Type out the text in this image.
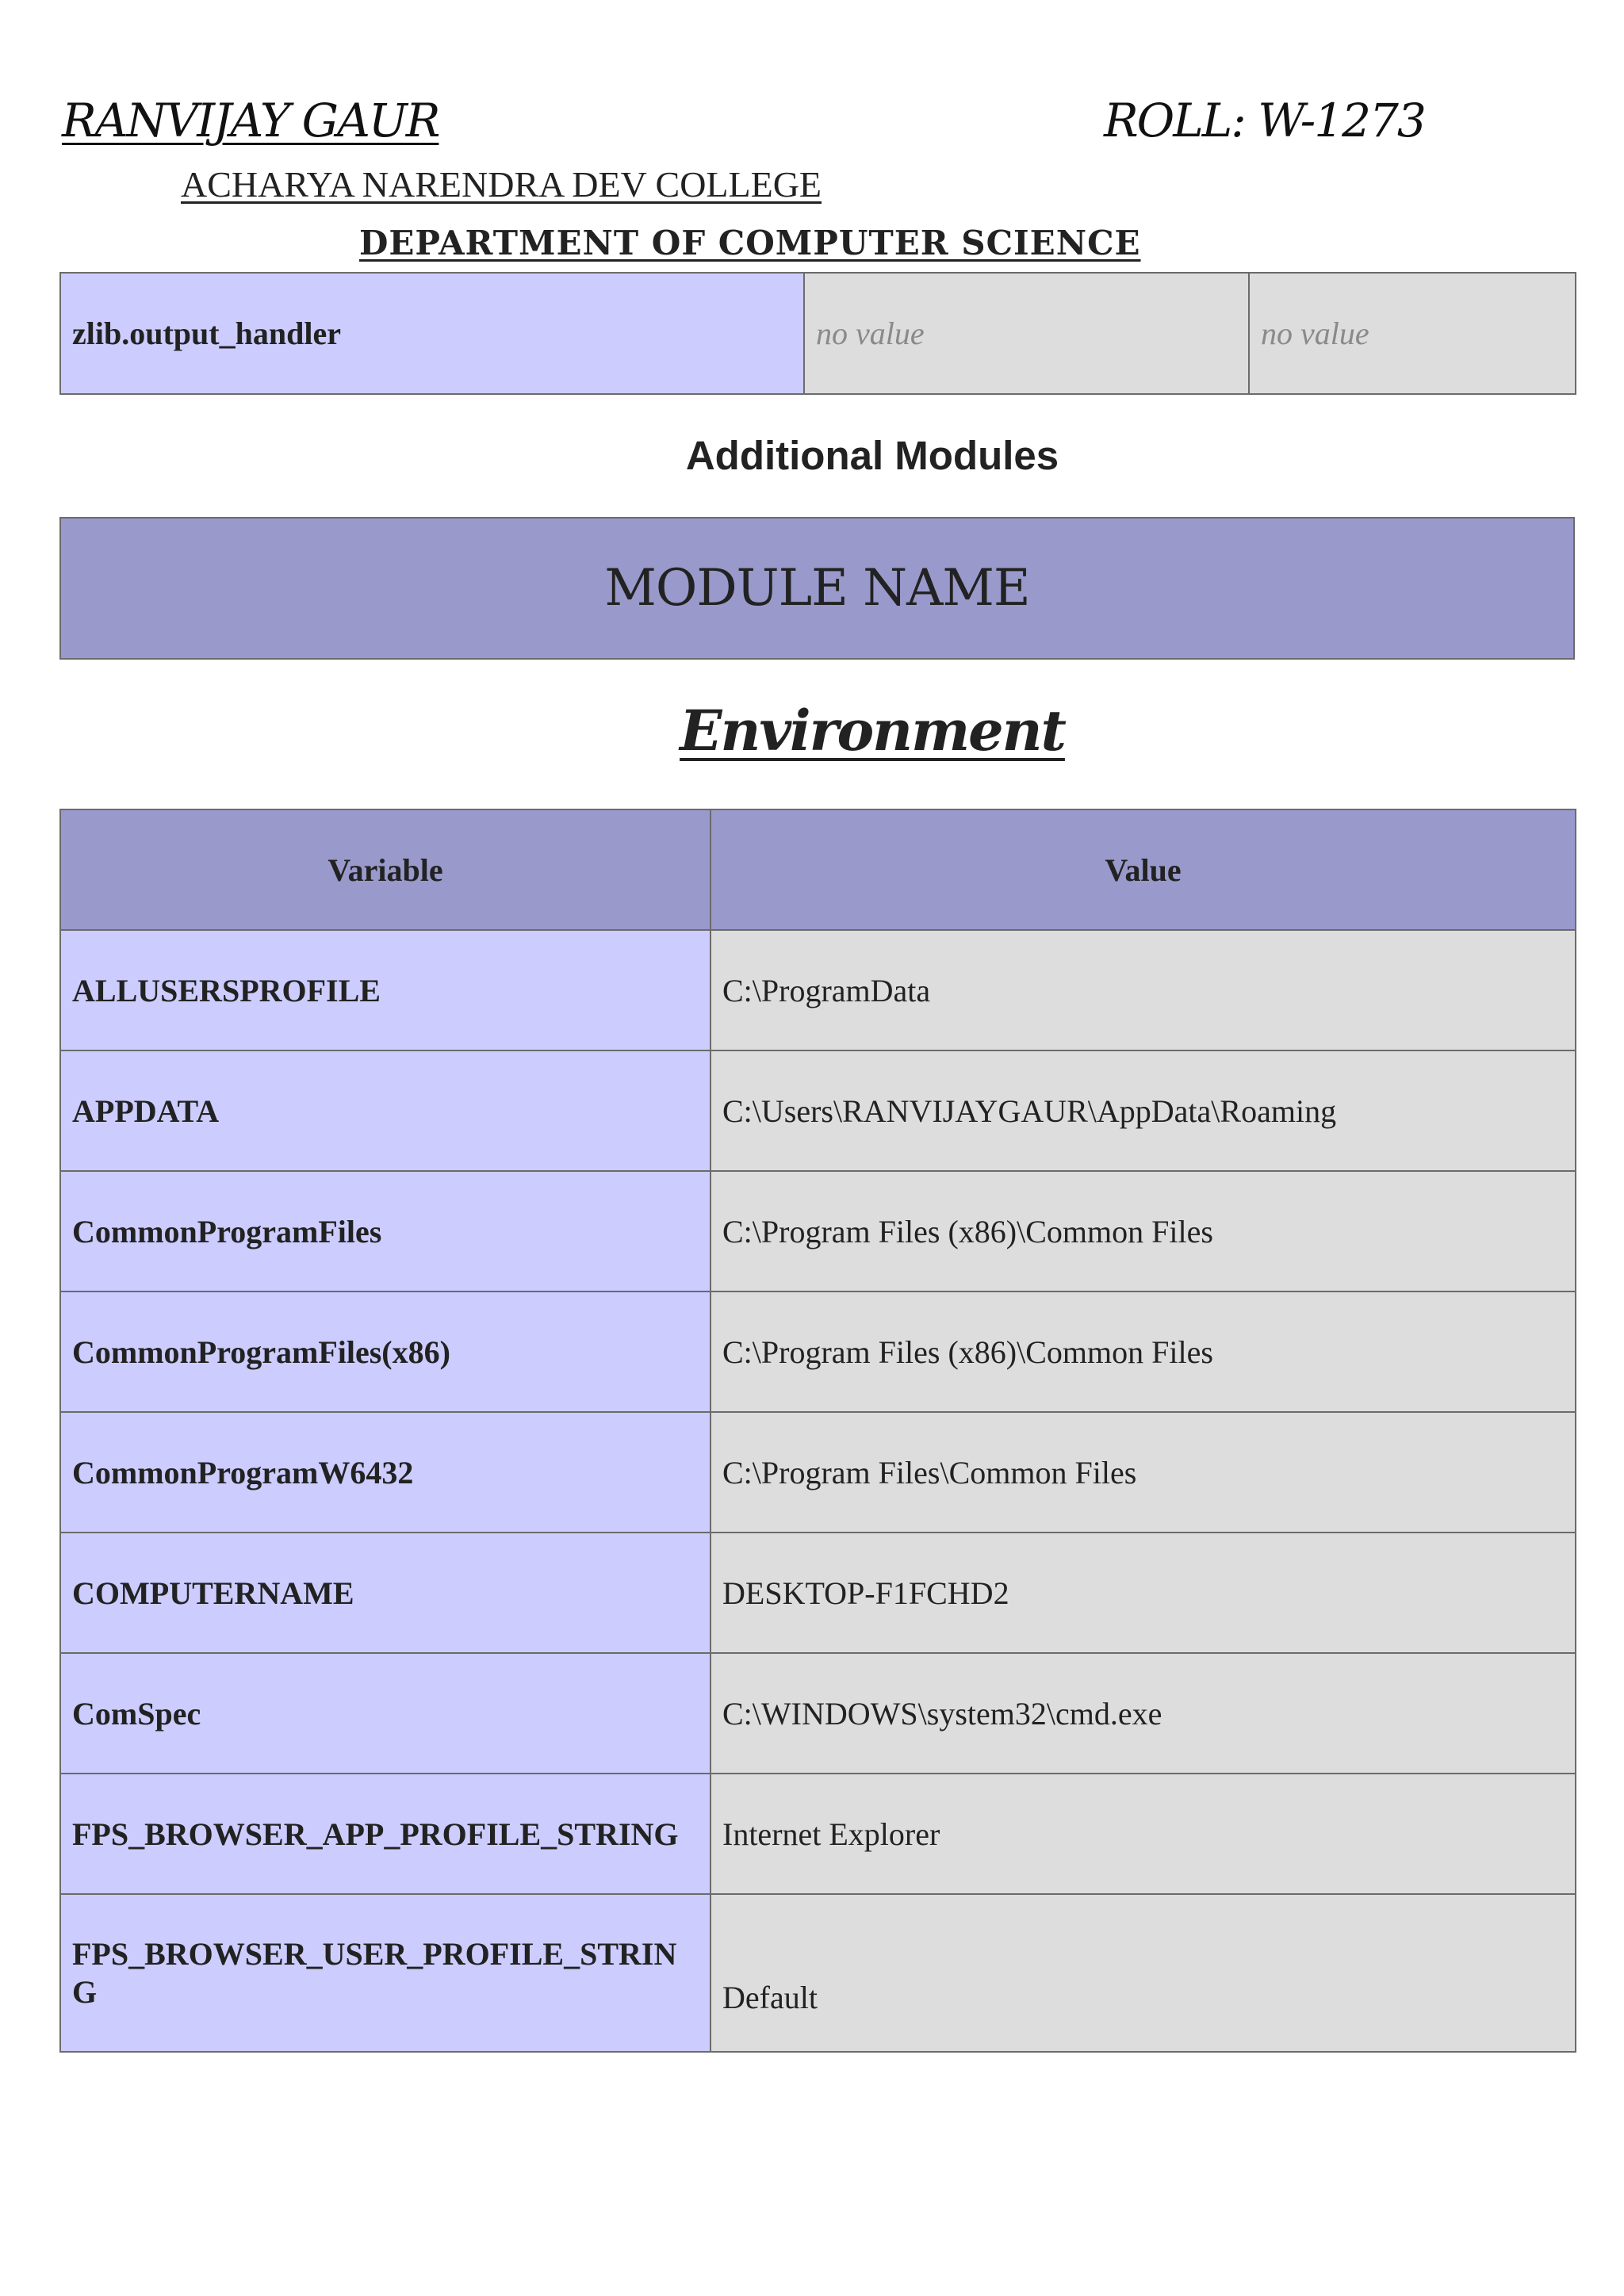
RANVIJAY GAUR	ROLL: W-1273
ACHARYA NARENDRA DEV COLLEGE
DEPARTMENT OF COMPUTER SCIENCE
zlib.output_handler	no value	no value
Additional Modules
MODULE NAME
Environment
Variable	Value
ALLUSERSPROFILE	C:\ProgramData
APPDATA	C:\Users\RANVIJAYGAUR\AppData\Roaming
CommonProgramFiles	C:\Program Files (x86)\Common Files
CommonProgramFiles(x86)	C:\Program Files (x86)\Common Files
CommonProgramW6432	C:\Program Files\Common Files
COMPUTERNAME	DESKTOP-F1FCHD2
ComSpec	C:\WINDOWS\system32\cmd.exe
FPS_BROWSER_APP_PROFILE_STRING	Internet Explorer
FPS_BROWSER_USER_PROFILE_STRING	Default
